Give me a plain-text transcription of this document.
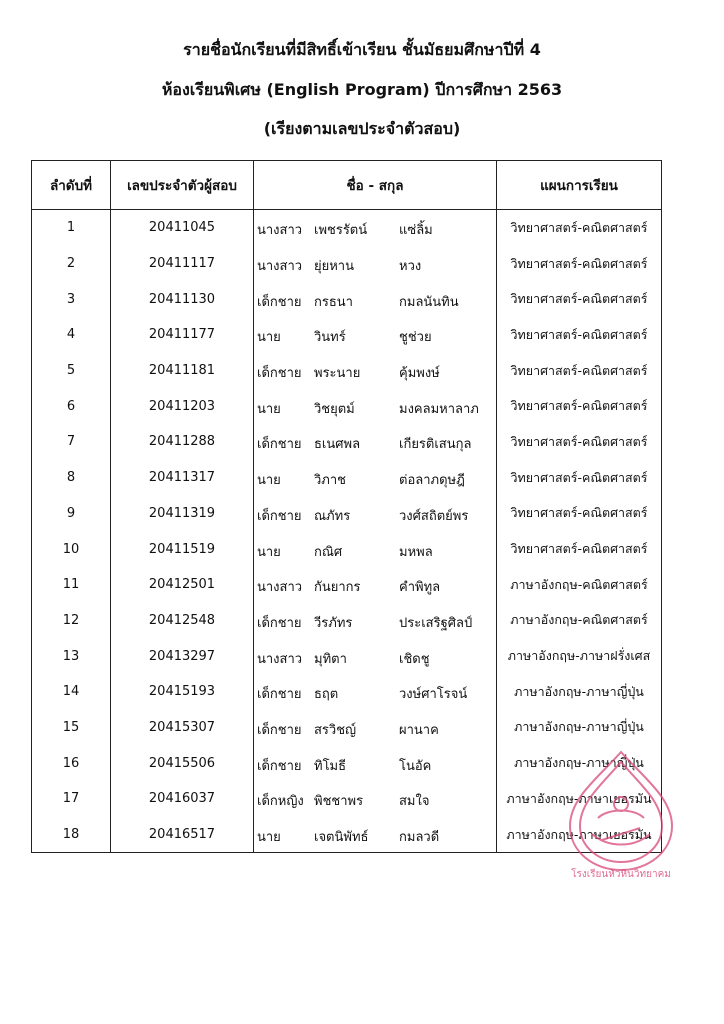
รายชื่อนักเรียนที่มีสิทธิ์เข้าเรียน ชั้นมัธยมศึกษาปีที่ 4

ห้องเรียนพิเศษ (English Program) ปีการศึกษา 2563

(เรียงตามเลขประจำตัวสอบ)

ลำดับที่	เลขประจำตัวผู้สอบ	ชื่อ - สกุล	แผนการเรียน
1	20411045	นางสาว เพชรรัตน์ แซ่ลิ้ม	วิทยาศาสตร์-คณิตศาสตร์
2	20411117	นางสาว ยุ่ยหาน หวง	วิทยาศาสตร์-คณิตศาสตร์
3	20411130	เด็กชาย กรธนา กมลนันทิน	วิทยาศาสตร์-คณิตศาสตร์
4	20411177	นาย วินทร์ ชูช่วย	วิทยาศาสตร์-คณิตศาสตร์
5	20411181	เด็กชาย พระนาย คุ้มพงษ์	วิทยาศาสตร์-คณิตศาสตร์
6	20411203	นาย วิชยุตม์ มงคลมหาลาภ	วิทยาศาสตร์-คณิตศาสตร์
7	20411288	เด็กชาย ธเนศพล เกียรติเสนกุล	วิทยาศาสตร์-คณิตศาสตร์
8	20411317	นาย วิภาช ต่อลาภดุษฎี	วิทยาศาสตร์-คณิตศาสตร์
9	20411319	เด็กชาย ณภัทร วงศ์สถิตย์พร	วิทยาศาสตร์-คณิตศาสตร์
10	20411519	นาย กณิศ มหพล	วิทยาศาสตร์-คณิตศาสตร์
11	20412501	นางสาว กันยากร คำพิทูล	ภาษาอังกฤษ-คณิตศาสตร์
12	20412548	เด็กชาย วีรภัทร ประเสริฐศิลป์	ภาษาอังกฤษ-คณิตศาสตร์
13	20413297	นางสาว มุทิตา เชิดชู	ภาษาอังกฤษ-ภาษาฝรั่งเศส
14	20415193	เด็กชาย ธฤต วงษ์ศาโรจน์	ภาษาอังกฤษ-ภาษาญี่ปุ่น
15	20415307	เด็กชาย สรวิชญ์ ผานาค	ภาษาอังกฤษ-ภาษาญี่ปุ่น
16	20415506	เด็กชาย ทิโมธี โนอัค	ภาษาอังกฤษ-ภาษาญี่ปุ่น
17	20416037	เด็กหญิง พิชชาพร สมใจ	ภาษาอังกฤษ-ภาษาเยอรมัน
18	20416517	นาย เจตนิพัทธ์ กมลวดี	ภาษาอังกฤษ-ภาษาเยอรมัน
โรงเรียนหัวหินวิทยาคม
